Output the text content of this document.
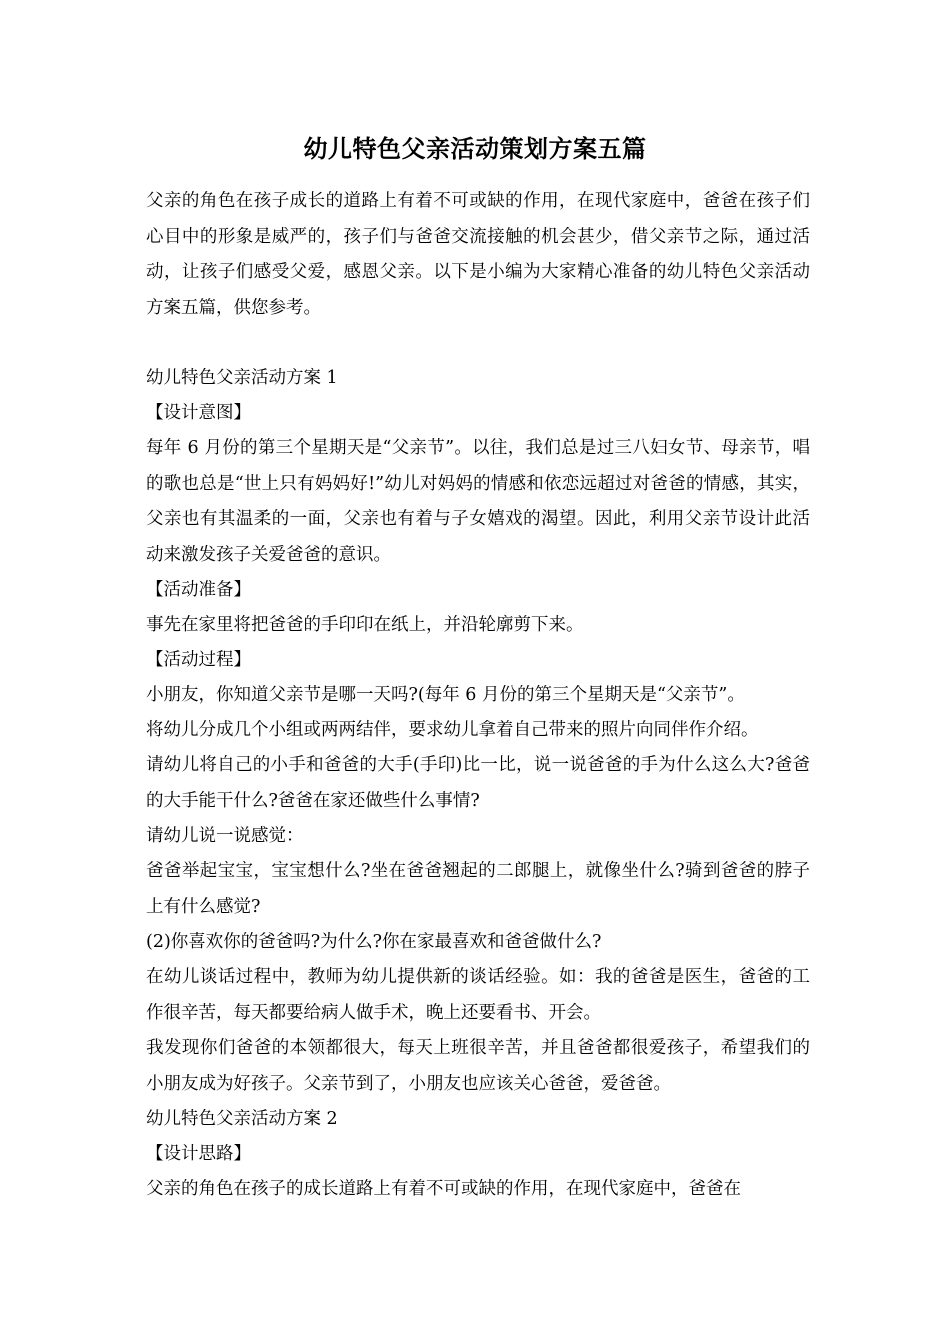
幼儿特色父亲活动策划方案五篇

父亲的角色在孩子成长的道路上有着不可或缺的作用，在现代家庭中，爸爸在孩子们心目中的形象是威严的，孩子们与爸爸交流接触的机会甚少，借父亲节之际，通过活动，让孩子们感受父爱，感恩父亲。以下是小编为大家精心准备的幼儿特色父亲活动方案五篇，供您参考。

幼儿特色父亲活动方案 1

【设计意图】

每年 6 月份的第三个星期天是“父亲节”。以往，我们总是过三八妇女节、母亲节，唱的歌也总是“世上只有妈妈好!”幼儿对妈妈的情感和依恋远超过对爸爸的情感，其实，父亲也有其温柔的一面，父亲也有着与子女嬉戏的渴望。因此，利用父亲节设计此活动来激发孩子关爱爸爸的意识。

【活动准备】

事先在家里将把爸爸的手印印在纸上，并沿轮廓剪下来。

【活动过程】

小朋友，你知道父亲节是哪一天吗?(每年 6 月份的第三个星期天是“父亲节”。

将幼儿分成几个小组或两两结伴，要求幼儿拿着自己带来的照片向同伴作介绍。

请幼儿将自己的小手和爸爸的大手(手印)比一比，说一说爸爸的手为什么这么大?爸爸的大手能干什么?爸爸在家还做些什么事情?

请幼儿说一说感觉：

爸爸举起宝宝，宝宝想什么?坐在爸爸翘起的二郎腿上，就像坐什么?骑到爸爸的脖子上有什么感觉?

(2)你喜欢你的爸爸吗?为什么?你在家最喜欢和爸爸做什么?

在幼儿谈话过程中，教师为幼儿提供新的谈话经验。如：我的爸爸是医生，爸爸的工作很辛苦，每天都要给病人做手术，晚上还要看书、开会。

我发现你们爸爸的本领都很大，每天上班很辛苦，并且爸爸都很爱孩子，希望我们的小朋友成为好孩子。父亲节到了，小朋友也应该关心爸爸，爱爸爸。

幼儿特色父亲活动方案 2

【设计思路】

父亲的角色在孩子的成长道路上有着不可或缺的作用，在现代家庭中，爸爸在
